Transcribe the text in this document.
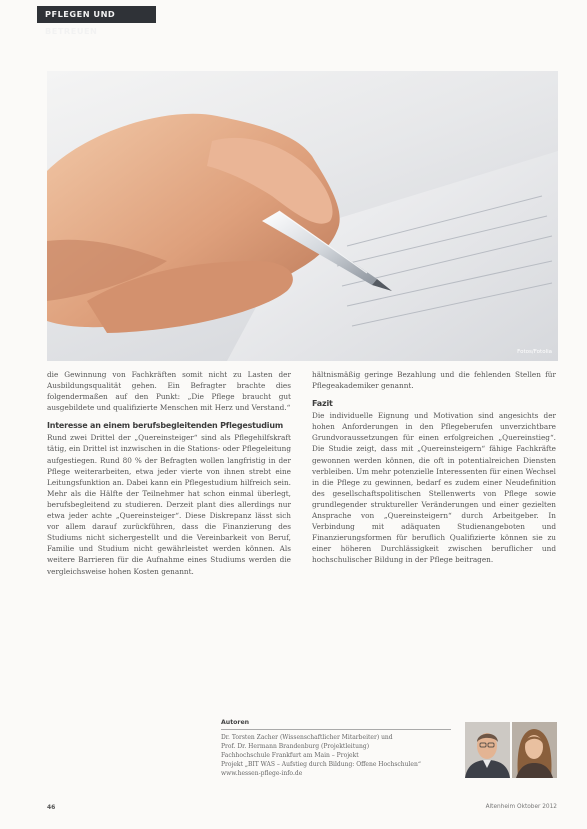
PFLEGEN UND BETREUEN
Fotos/Fotolia

die Gewinnung von Fachkräften somit nicht zu Lasten der Ausbildungsqualität gehen. Ein Befragter brachte dies folgendermaßen auf den Punkt: „Die Pflege braucht gut ausgebildete und qualifizierte Menschen mit Herz und Verstand.“

Interesse an einem berufsbegleitenden Pflegestudium

Rund zwei Drittel der „Quereinsteiger“ sind als Pflegehilfskraft tätig, ein Drittel ist inzwischen in die Stations- oder Pflegeleitung aufgestiegen. Rund 80 % der Befragten wollen langfristig in der Pflege weiterarbeiten, etwa jeder vierte von ihnen strebt eine Leitungsfunktion an. Dabei kann ein Pflegestudium hilfreich sein. Mehr als die Hälfte der Teilnehmer hat schon einmal überlegt, berufsbegleitend zu studieren. Derzeit plant dies allerdings nur etwa jeder achte „Quereinsteiger“. Diese Diskrepanz lässt sich vor allem darauf zurückführen, dass die Finanzierung des Studiums nicht sichergestellt und die Vereinbarkeit von Beruf, Familie und Studium nicht gewährleistet werden können. Als weitere Barrieren für die Aufnahme eines Studiums werden die vergleichsweise hohen Kosten genannt.

hältnismäßig geringe Bezahlung und die fehlenden Stellen für Pflegeakademiker genannt.

Fazit

Die individuelle Eignung und Motivation sind angesichts der hohen Anforderungen in den Pflegeberufen unverzichtbare Grundvoraussetzungen für einen erfolgreichen „Quereinstieg“. Die Studie zeigt, dass mit „Quereinsteigern“ fähige Fachkräfte gewonnen werden können, die oft in potentialreichen Diensten verbleiben. Um mehr potenzielle Interessenten für einen Wechsel in die Pflege zu gewinnen, bedarf es zudem einer Neudefinition des gesellschaftspolitischen Stellenwerts von Pflege sowie grundlegender struktureller Veränderungen und einer gezielten Ansprache von „Quereinsteigern“ durch Arbeitgeber. In Verbindung mit adäquaten Studienangeboten und Finanzierungsformen für beruflich Qualifizierte können sie zu einer höheren Durchlässigkeit zwischen beruflicher und hochschulischer Bildung in der Pflege beitragen.

Autoren
Dr. Torsten Zacher (Wissenschaftlicher Mitarbeiter) und
Prof. Dr. Hermann Brandenburg (Projektleitung)
Fachhochschule Frankfurt am Main – Projekt
Projekt „BIT WAS – Aufstieg durch Bildung: Offene Hochschulen“
www.hessen-pflege-info.de
46	Altenheim Oktober 2012
